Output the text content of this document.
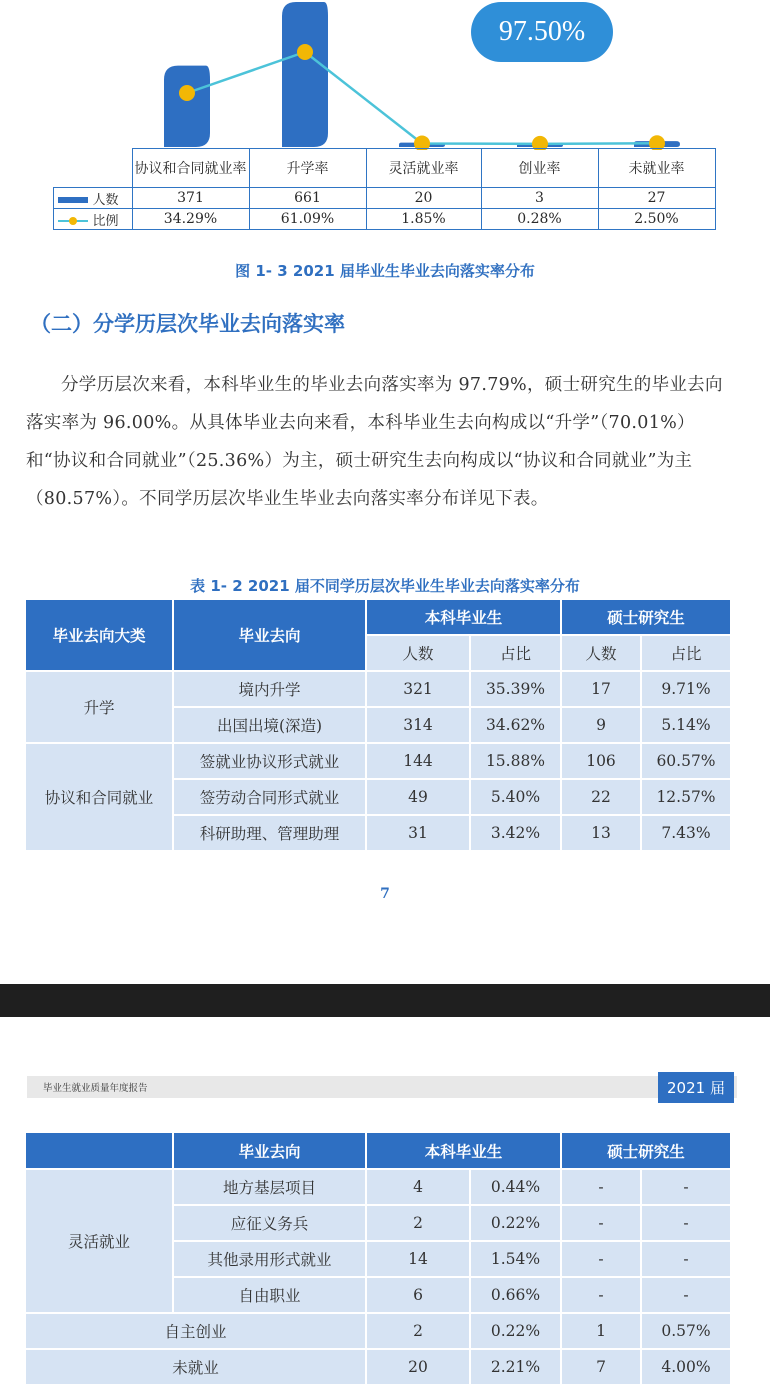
97.50%
	协议和合同就业率	升学率	灵活就业率	创业率	未就业率
人数	371	661	20	3	27

比例	34.29%	61.09%	1.85%	0.28%	2.50%
图 1- 3 2021 届毕业生毕业去向落实率分布
（二）分学历层次毕业去向落实率

分学历层次来看，本科毕业生的毕业去向落实率为 97.79%，硕士研究生的毕业去向落实率为 96.00%。从具体毕业去向来看，本科毕业生去向构成以“升学”（70.01%）和“协议和合同就业”（25.36%）为主，硕士研究生去向构成以“协议和合同就业”为主（80.57%）。不同学历层次毕业生毕业去向落实率分布详见下表。

表 1- 2 2021 届不同学历层次毕业生毕业去向落实率分布
毕业去向大类	毕业去向	本科毕业生		硕士研究生	
		人数	占比	人数	占比
升学	境内升学	321	35.39%	17	9.71%
	出国出境(深造)	314	34.62%	9	5.14%
协议和合同就业	签就业协议形式就业	144	15.88%	106	60.57%
	签劳动合同形式就业	49	5.40%	22	12.57%
	科研助理、管理助理	31	3.42%	13	7.43%
7
毕业生就业质量年度报告	2021 届
	毕业去向	本科毕业生		硕士研究生	
灵活就业	地方基层项目	4	0.44%	-	-
	应征义务兵	2	0.22%	-	-
	其他录用形式就业	14	1.54%	-	-
	自由职业	6	0.66%	-	-
自主创业		2	0.22%	1	0.57%
未就业		20	2.21%	7	4.00%
